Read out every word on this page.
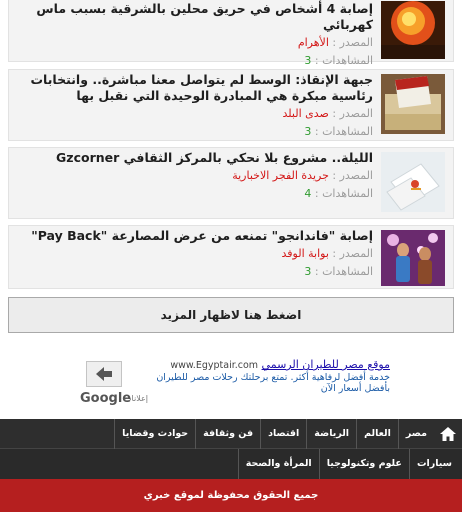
إصابة 4 أشخاص في حريق محلين بالشرقية بسبب ماس كهربائي
المصدر : الأهرام
المشاهدات : 3
جبهة الإنقاذ: الوسط لم يتواصل معنا مباشرة.. وانتخابات رئاسية مبكرة هي المبادرة الوحيدة التي نقبل بها
المصدر : صدى البلد
المشاهدات : 3
الليلة.. مشروع بلا نحكي بالمركز الثقافي Gzcorner
المصدر : جريدة الفجر الاخبارية
المشاهدات : 4
إصابة "فاندانجو" تمنعه من عرض المصارعة "Pay Back"
المصدر : بوابة الوفد
المشاهدات : 3
اضغط هنا لاظهار المزيد
Google
إعلانات
موقع مصر للطيران الرسمي www.Egyptair.com
خدمة أفضل لرفاهية أكثر. تمتع برحلتك رحلات مصر للطيران بأفضل أسعار الآن
مصر
العالم
الرياضة
اقتصاد
فن وثقافة
حوادث وقضايا
سيارات
علوم وتكنولوجيا
المرأة والصحة
جميع الحقوق محفوظة لموقع خبري
